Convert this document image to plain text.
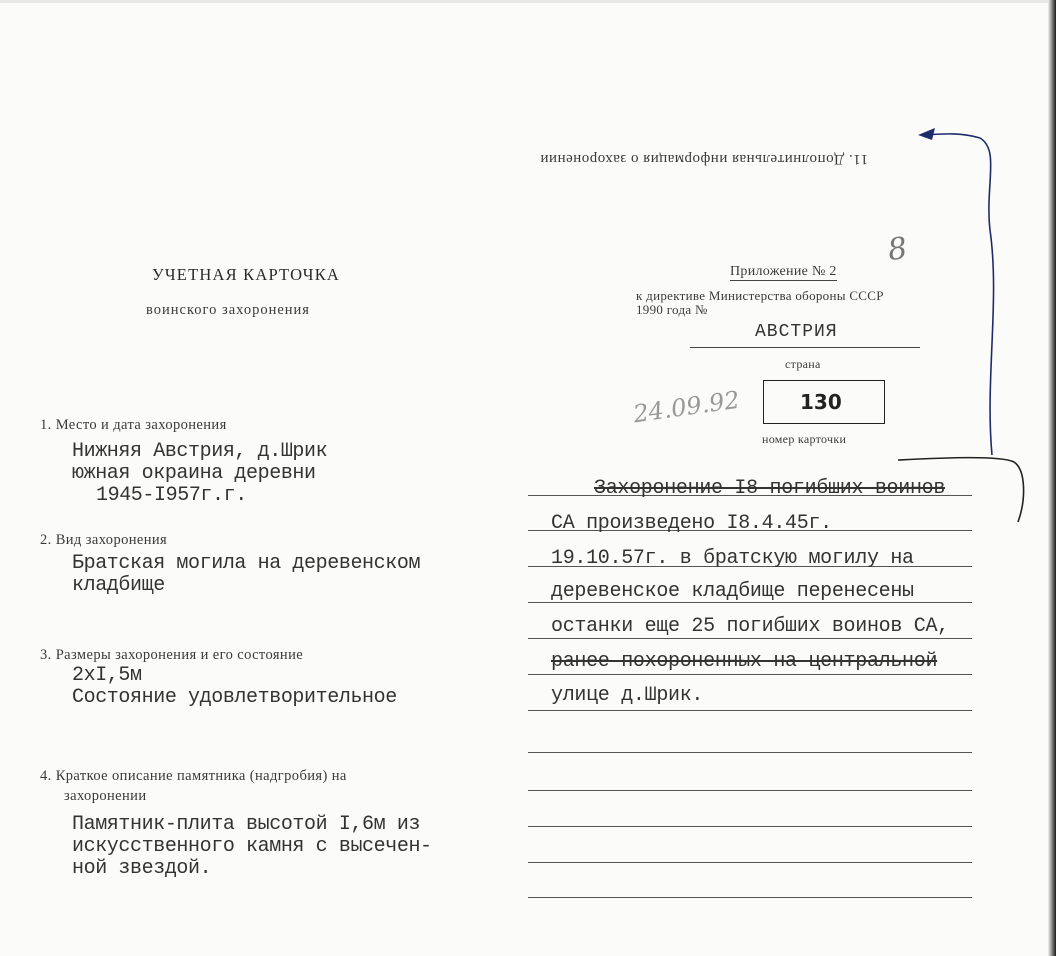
11. Дополнительная информация о захоронении
УЧЕТНАЯ КАРТОЧКА
воинского захоронения
Приложение № 2
8
к директиве Министерства обороны СССР
1990 года №
АВСТРИЯ
страна
24.09.92	130
номер карточки
1. Место и дата захоронения
Нижняя Австрия, д.Шрик
южная окраина деревни
1945-I957г.г.
2. Вид захоронения
Братская могила на деревенском
кладбище
3. Размеры захоронения и его состояние
2хI,5м
Состояние удовлетворительное
4. Краткое описание памятника (надгробия) на
захоронении
Памятник-плита высотой I,6м из
искусственного камня с высечен-
ной звездой.
Захоронение I8 погибших воинов
СА произведено I8.4.45г.
19.10.57г. в братскую могилу на
деревенское кладбище перенесены
останки еще 25 погибших воинов СА,
ранее похороненных на центральной
улице д.Шрик.
